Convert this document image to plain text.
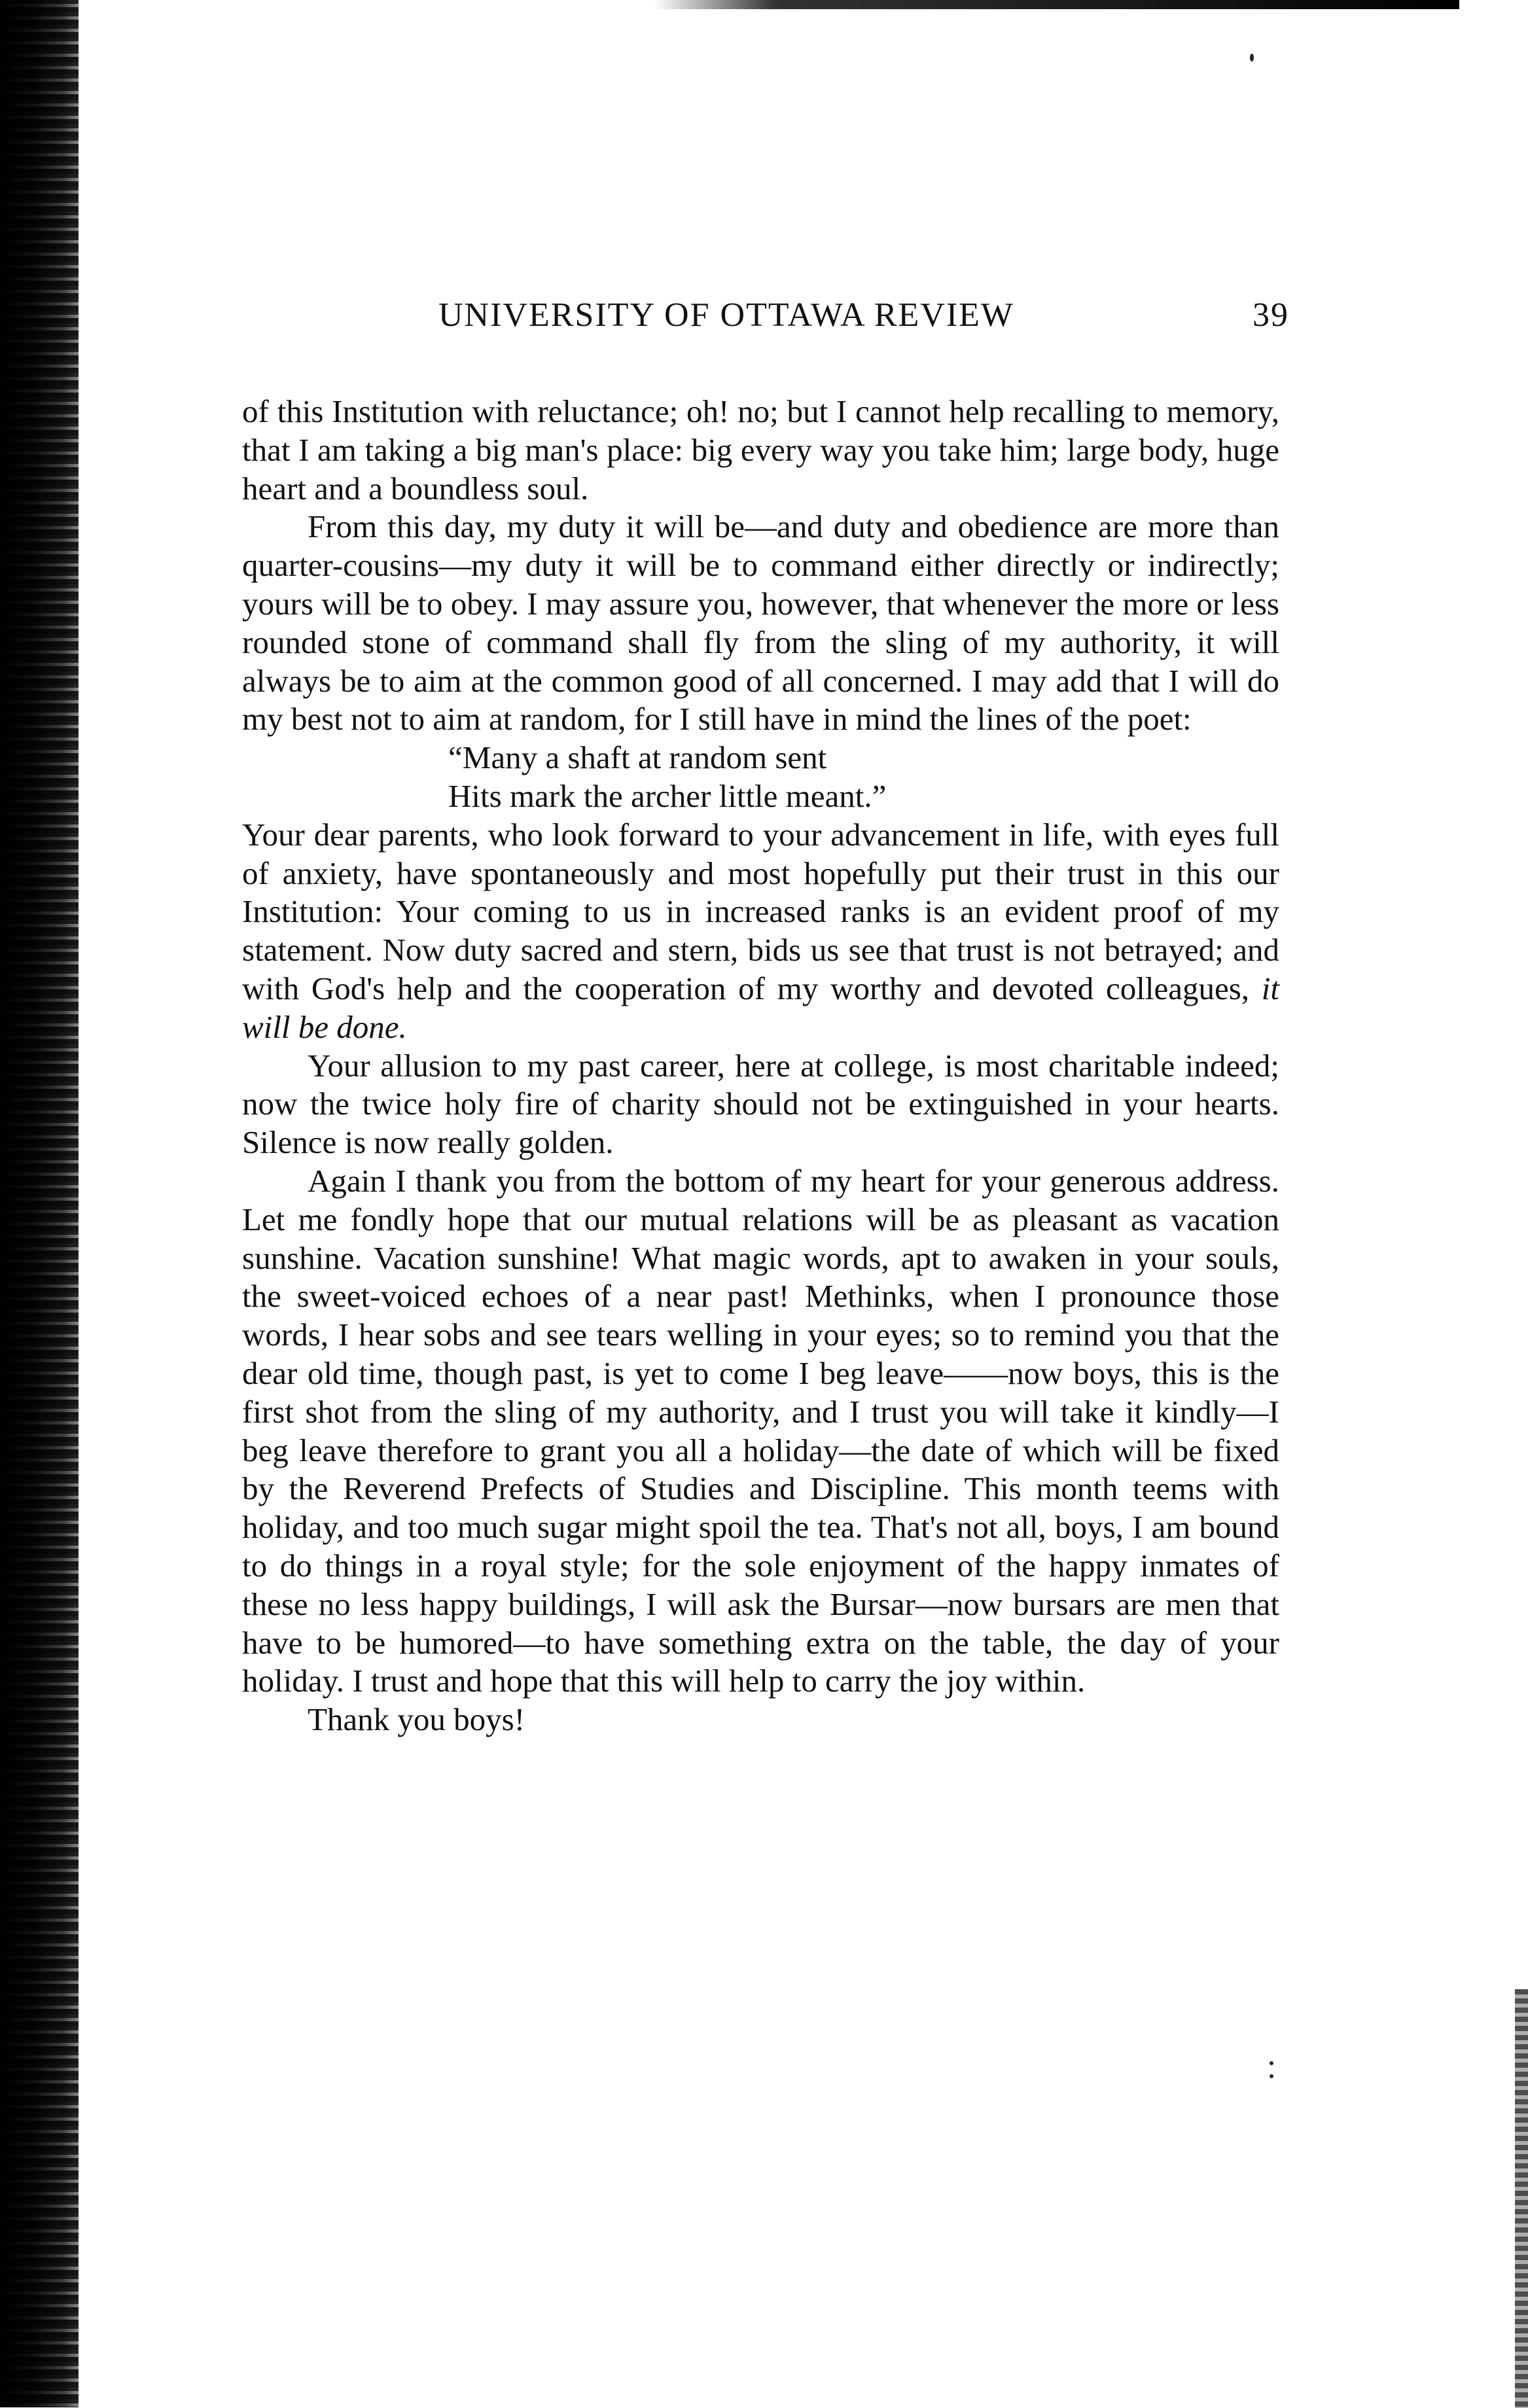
UNIVERSITY OF OTTAWA REVIEW	39

of this Institution with reluctance; oh! no; but I cannot help recalling to memory, that I am taking a big man's place: big every way you take him; large body, huge heart and a boundless soul.

From this day, my duty it will be—and duty and obedience are more than quarter-cousins—my duty it will be to command either directly or indirectly; yours will be to obey. I may assure you, however, that whenever the more or less rounded stone of command shall fly from the sling of my authority, it will always be to aim at the common good of all concerned. I may add that I will do my best not to aim at random, for I still have in mind the lines of the poet:

“Many a shaft at random sent
Hits mark the archer little meant.”

Your dear parents, who look forward to your advancement in life, with eyes full of anxiety, have spontaneously and most hopefully put their trust in this our Institution: Your coming to us in increased ranks is an evident proof of my statement. Now duty sacred and stern, bids us see that trust is not betrayed; and with God's help and the cooperation of my worthy and devoted colleagues, it will be done.

Your allusion to my past career, here at college, is most charitable indeed; now the twice holy fire of charity should not be extinguished in your hearts. Silence is now really golden.

Again I thank you from the bottom of my heart for your generous address. Let me fondly hope that our mutual relations will be as pleasant as vacation sunshine. Vacation sunshine! What magic words, apt to awaken in your souls, the sweet-voiced echoes of a near past! Methinks, when I pronounce those words, I hear sobs and see tears welling in your eyes; so to remind you that the dear old time, though past, is yet to come I beg leave——now boys, this is the first shot from the sling of my authority, and I trust you will take it kindly—I beg leave therefore to grant you all a holiday—the date of which will be fixed by the Reverend Prefects of Studies and Discipline. This month teems with holiday, and too much sugar might spoil the tea. That's not all, boys, I am bound to do things in a royal style; for the sole enjoyment of the happy inmates of these no less happy buildings, I will ask the Bursar—now bursars are men that have to be humored—to have something extra on the table, the day of your holiday. I trust and hope that this will help to carry the joy within.

Thank you boys!
